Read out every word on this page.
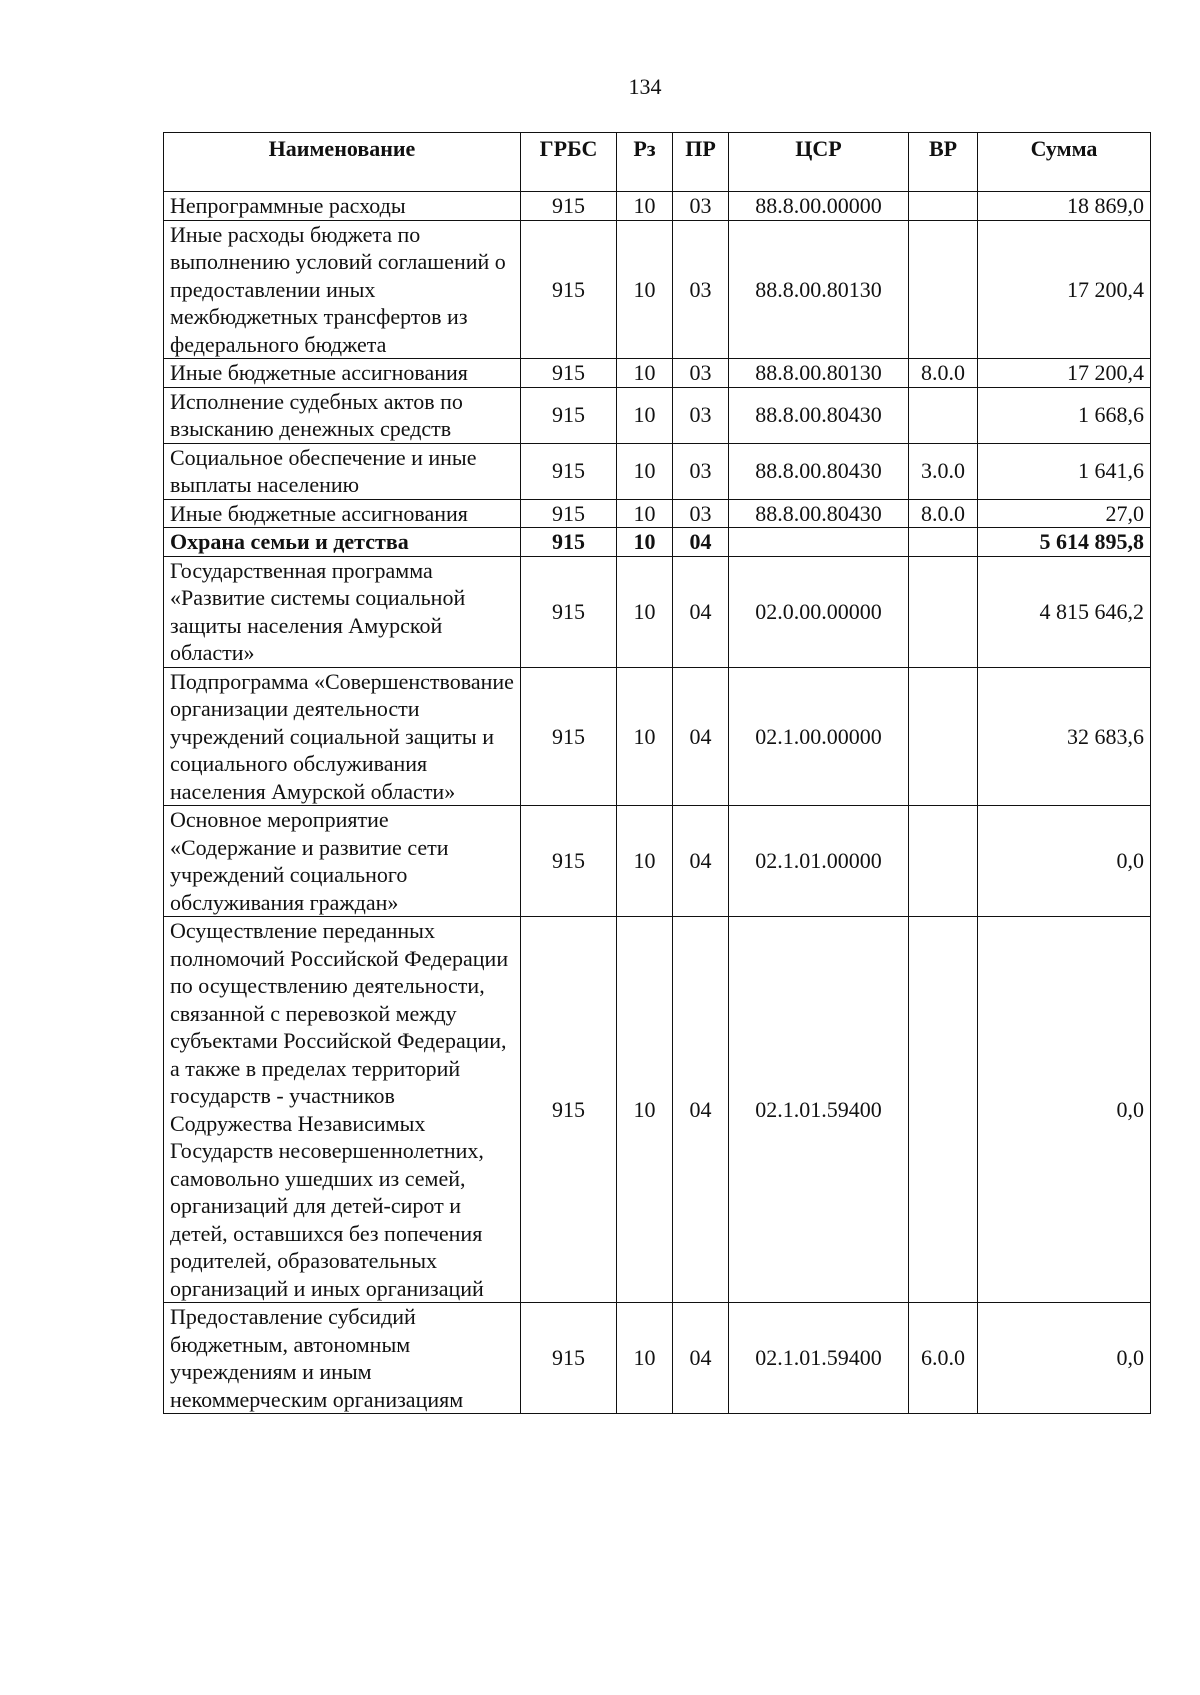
134
Наименование	ГРБС	Рз	ПР	ЦСР	ВР	Сумма
Непрограммные расходы	915	10	03	88.8.00.00000		18 869,0
Иные расходы бюджета по выполнению условий соглашений о предоставлении иных межбюджетных трансфертов из федерального бюджета	915	10	03	88.8.00.80130		17 200,4
Иные бюджетные ассигнования	915	10	03	88.8.00.80130	8.0.0	17 200,4
Исполнение судебных актов по взысканию денежных средств	915	10	03	88.8.00.80430		1 668,6
Социальное обеспечение и иные выплаты населению	915	10	03	88.8.00.80430	3.0.0	1 641,6
Иные бюджетные ассигнования	915	10	03	88.8.00.80430	8.0.0	27,0
Охрана семьи и детства	915	10	04			5 614 895,8
Государственная программа «Развитие системы социальной защиты населения Амурской области»	915	10	04	02.0.00.00000		4 815 646,2
Подпрограмма «Совершенствование организации деятельности учреждений социальной защиты и социального обслуживания населения Амурской области»	915	10	04	02.1.00.00000		32 683,6
Основное мероприятие «Содержание и развитие сети учреждений социального обслуживания граждан»	915	10	04	02.1.01.00000		0,0
Осуществление переданных полномочий Российской Федерации по осуществлению деятельности, связанной с перевозкой между субъектами Российской Федерации, а также в пределах территорий государств - участников Содружества Независимых Государств несовершеннолетних, самовольно ушедших из семей, организаций для детей-сирот и детей, оставшихся без попечения родителей, образовательных организаций и иных организаций	915	10	04	02.1.01.59400		0,0
Предоставление субсидий бюджетным, автономным учреждениям и иным некоммерческим организациям	915	10	04	02.1.01.59400	6.0.0	0,0
